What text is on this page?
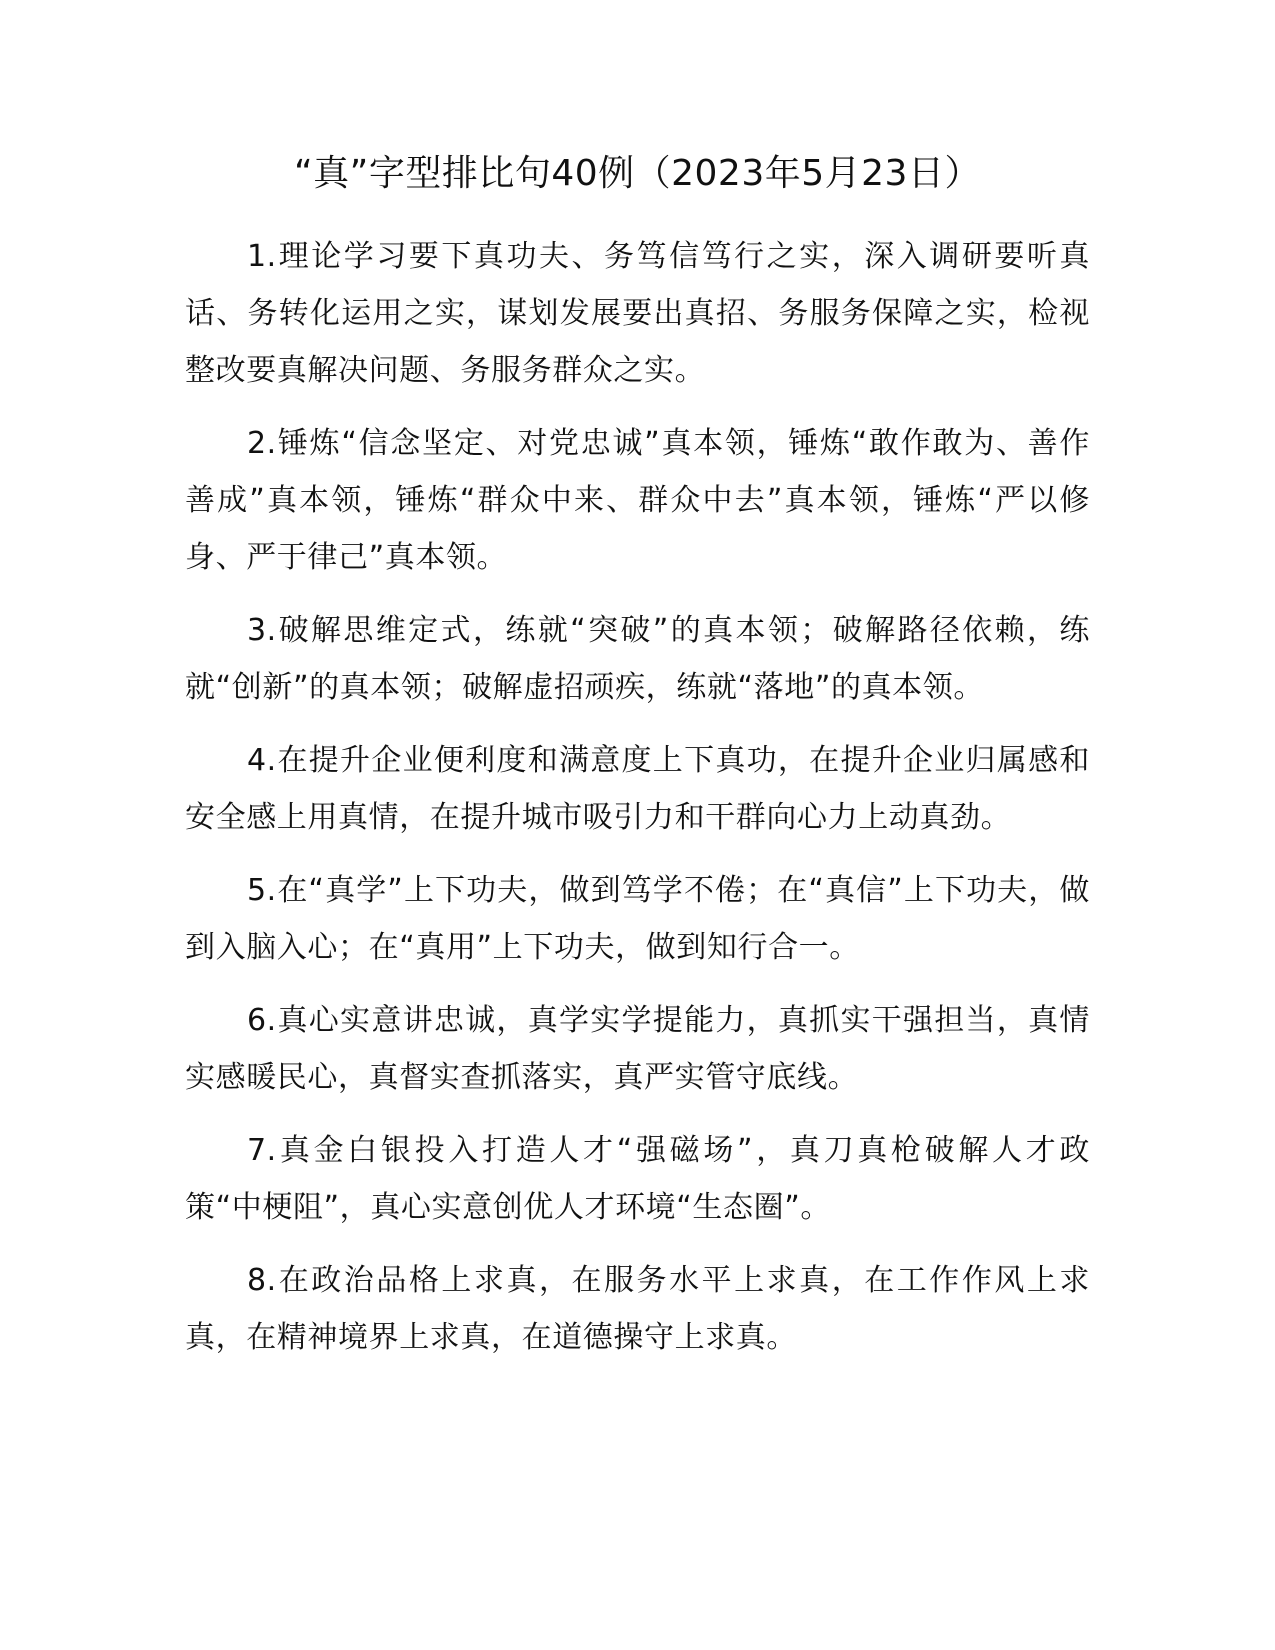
“真”字型排比句40例（2023年5月23日）

1.理论学习要下真功夫、务笃信笃行之实，深入调研要听真话、务转化运用之实，谋划发展要出真招、务服务保障之实，检视整改要真解决问题、务服务群众之实。

2.锤炼“信念坚定、对党忠诚”真本领，锤炼“敢作敢为、善作善成”真本领，锤炼“群众中来、群众中去”真本领，锤炼“严以修身、严于律己”真本领。

3.破解思维定式，练就“突破”的真本领；破解路径依赖，练就“创新”的真本领；破解虚招顽疾，练就“落地”的真本领。

4.在提升企业便利度和满意度上下真功，在提升企业归属感和安全感上用真情，在提升城市吸引力和干群向心力上动真劲。

5.在“真学”上下功夫，做到笃学不倦；在“真信”上下功夫，做到入脑入心；在“真用”上下功夫，做到知行合一。

6.真心实意讲忠诚，真学实学提能力，真抓实干强担当，真情实感暖民心，真督实查抓落实，真严实管守底线。

7.真金白银投入打造人才“强磁场”，真刀真枪破解人才政策“中梗阻”，真心实意创优人才环境“生态圈”。

8.在政治品格上求真，在服务水平上求真，在工作作风上求真，在精神境界上求真，在道德操守上求真。
